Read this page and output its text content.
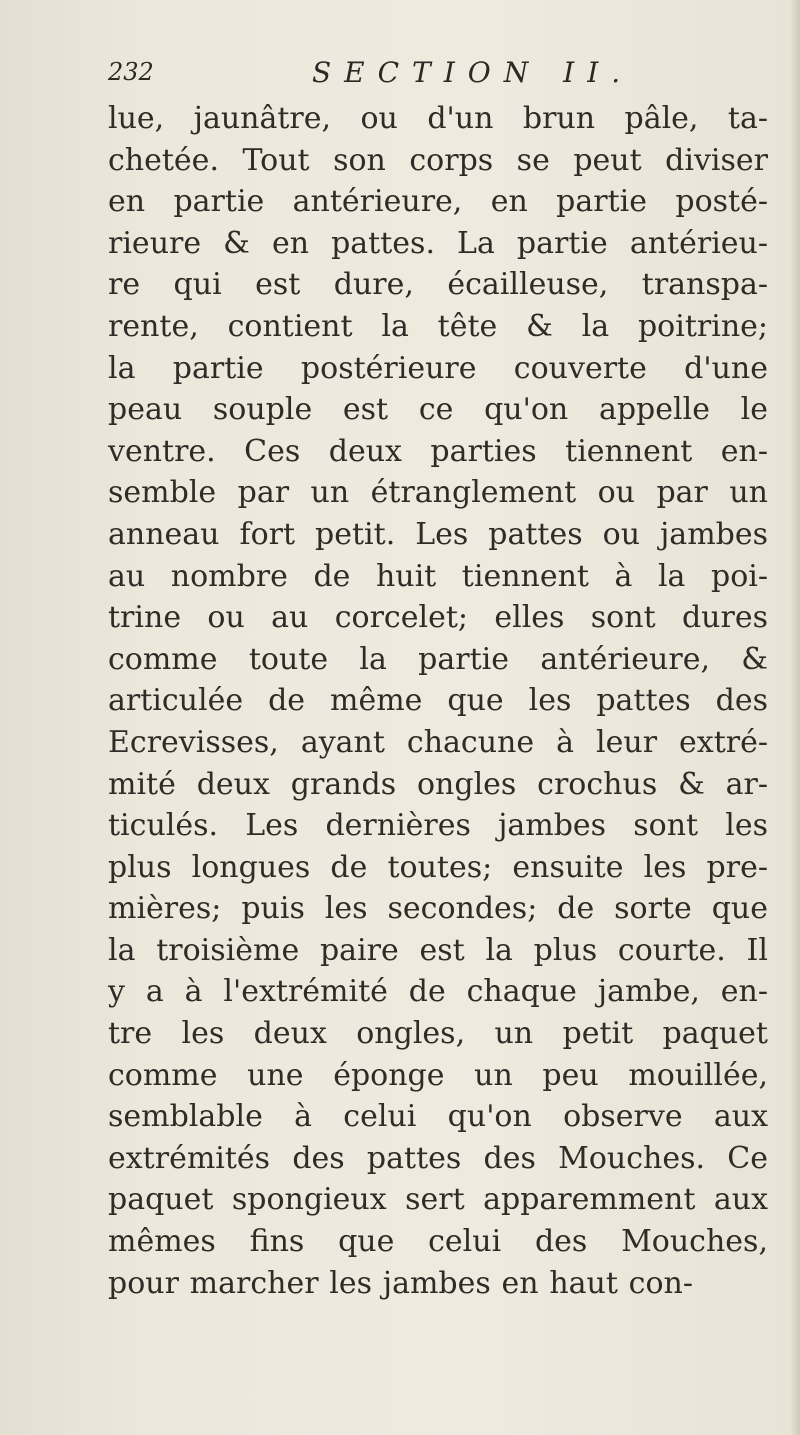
232	SECTION II.
lue, jaunâtre, ou d'un brun pâle, ta-
chetée. Tout son corps se peut diviser
en partie antérieure, en partie posté-
rieure & en pattes. La partie antérieu-
re qui est dure, écailleuse, transpa-
rente, contient la tête & la poitrine;
la partie postérieure couverte d'une
peau souple est ce qu'on appelle le
ventre. Ces deux parties tiennent en-
semble par un étranglement ou par un
anneau fort petit. Les pattes ou jambes
au nombre de huit tiennent à la poi-
trine ou au corcelet; elles sont dures
comme toute la partie antérieure, &
articulée de même que les pattes des
Ecrevisses, ayant chacune à leur extré-
mité deux grands ongles crochus & ar-
ticulés. Les dernières jambes sont les
plus longues de toutes; ensuite les pre-
mières; puis les secondes; de sorte que
la troisième paire est la plus courte. Il
y a à l'extrémité de chaque jambe, en-
tre les deux ongles, un petit paquet
comme une éponge un peu mouillée,
semblable à celui qu'on observe aux
extrémités des pattes des Mouches. Ce
paquet spongieux sert apparemment aux
mêmes fins que celui des Mouches,
pour marcher les jambes en haut con-
